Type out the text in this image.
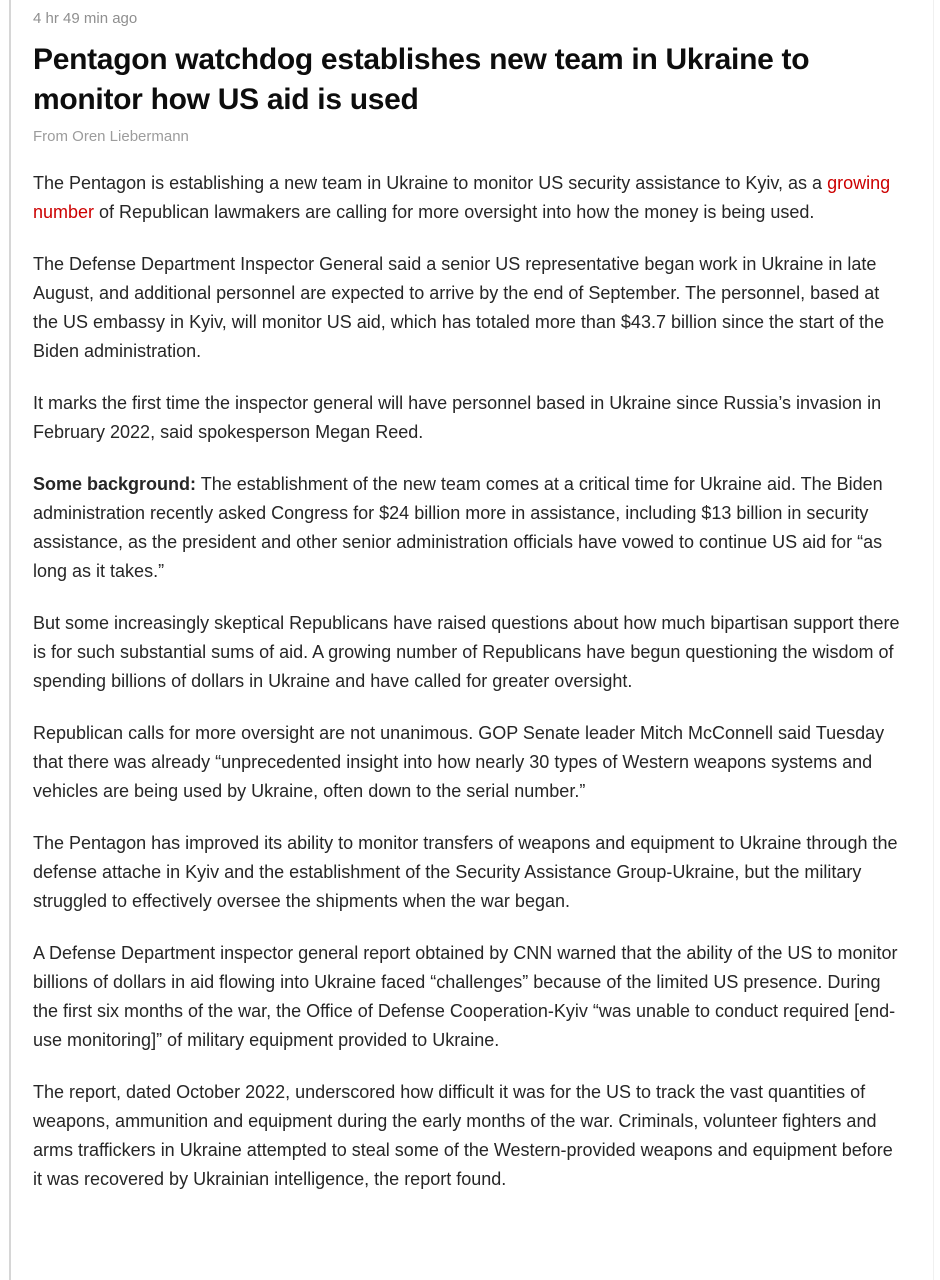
4 hr 49 min ago
Pentagon watchdog establishes new team in Ukraine to monitor how US aid is used
From Oren Liebermann

The Pentagon is establishing a new team in Ukraine to monitor US security assistance to Kyiv, as a growing number of Republican lawmakers are calling for more oversight into how the money is being used.

The Defense Department Inspector General said a senior US representative began work in Ukraine in late August, and additional personnel are expected to arrive by the end of September. The personnel, based at the US embassy in Kyiv, will monitor US aid, which has totaled more than $43.7 billion since the start of the Biden administration.

It marks the first time the inspector general will have personnel based in Ukraine since Russia’s invasion in February 2022, said spokesperson Megan Reed.

Some background: The establishment of the new team comes at a critical time for Ukraine aid. The Biden administration recently asked Congress for $24 billion more in assistance, including $13 billion in security assistance, as the president and other senior administration officials have vowed to continue US aid for “as long as it takes.”

But some increasingly skeptical Republicans have raised questions about how much bipartisan support there is for such substantial sums of aid. A growing number of Republicans have begun questioning the wisdom of spending billions of dollars in Ukraine and have called for greater oversight.

Republican calls for more oversight are not unanimous. GOP Senate leader Mitch McConnell said Tuesday that there was already “unprecedented insight into how nearly 30 types of Western weapons systems and vehicles are being used by Ukraine, often down to the serial number.”

The Pentagon has improved its ability to monitor transfers of weapons and equipment to Ukraine through the defense attache in Kyiv and the establishment of the Security Assistance Group-Ukraine, but the military struggled to effectively oversee the shipments when the war began.

A Defense Department inspector general report obtained by CNN warned that the ability of the US to monitor billions of dollars in aid flowing into Ukraine faced “challenges” because of the limited US presence. During the first six months of the war, the Office of Defense Cooperation-Kyiv “was unable to conduct required [end-use monitoring]” of military equipment provided to Ukraine.

The report, dated October 2022, underscored how difficult it was for the US to track the vast quantities of weapons, ammunition and equipment during the early months of the war. Criminals, volunteer fighters and arms traffickers in Ukraine attempted to steal some of the Western-provided weapons and equipment before it was recovered by Ukrainian intelligence, the report found.
